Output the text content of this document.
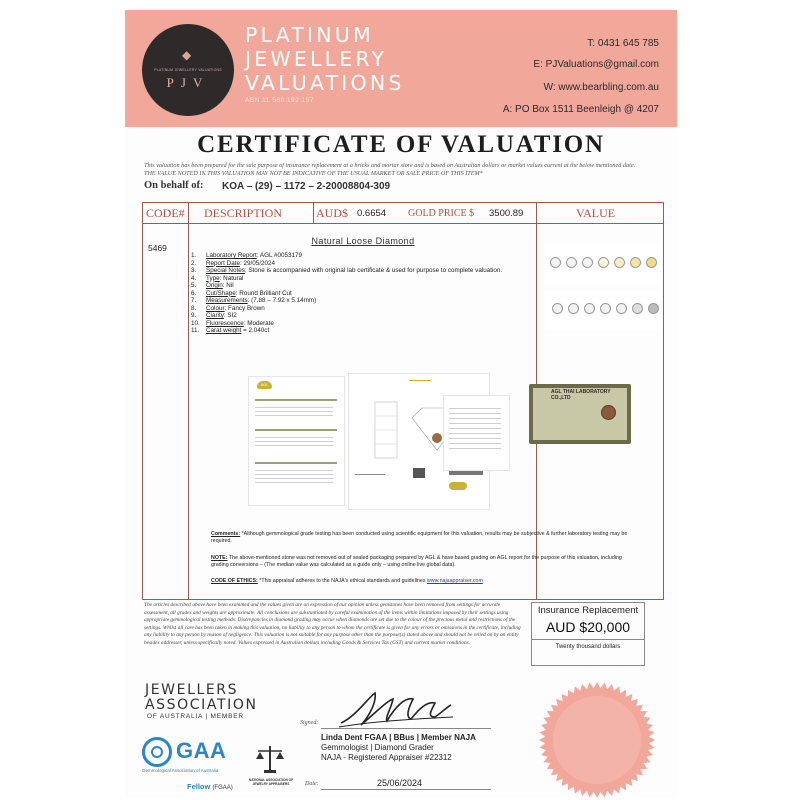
◆
PLATINUM JEWELLERY VALUATIONS
PJV
PLATINUM
JEWELLERY
VALUATIONS
ABN 11 588 192 157
T: 0431 645 785
E: PJValuations@gmail.com
W: www.bearbling.com.au
A: PO Box 1511 Beenleigh @ 4207
CERTIFICATE OF VALUATION
This valuation has been prepared for the sale purpose of insurance replacement at a bricks and mortar store and is based on Australian dollars or market values current at the below mentioned date.
THE VALUE NOTED IN THIS VALUATION MAY NOT BE INDICATIVE OF THE USUAL MARKET OR SALE PRICE OF THIS ITEM*
On behalf of: KOA – (29) – 1172 – 2-20008804-309
CODE# DESCRIPTION	AUD$ 0.6654 GOLD PRICE $ 3500.89	VALUE
5469
Natural Loose Diamond
1. Laboratory Report: AGL #0053179
2. Report Date: 29/05/2024
3. Special Notes: Stone is accompanied with original lab certificate & used for purpose to complete valuation.
4. Type: Natural
5. Origin: Nil
6. Cut/Shape: Round Brilliant Cut
7. Measurements: (7.88 – 7.92 x 5.14mm)
8. Colour: Fancy Brown
9. Clarity: SI2
10. Fluorescence: Moderate
11. Carat weight = 2.040ct
AGL
Comments: *Although gemmological grade testing has been conducted using scientific equipment for this valuation, results may be subjective & further laboratory testing may be required.
NOTE: The above-mentioned stone was not removed out of sealed packaging prepared by AGL & have based grading on AGL report for the purpose of this valuation, including grading conversions – (The median value was calculated as a guide only – using online live global data).
CODE OF ETHICS: *This appraisal adheres to the NAJA's ethical standards and guidelines www.najaappraiser.com
AGL THAI LABORATORY CO.,LTD
The articles described above have been examined and the values given are an expression of our opinion unless gemstones have been removed from settings for accurate assessment, all grades and weights are approximate. All conclusions are substantiated by careful examination of the items within limitations imposed by their settings using appropriate gemmological testing methods. Discrepancies in diamond grading may occur when diamonds are set due to the colour of the precious metal and restrictions of the settings. Whilst all care has been taken in making this valuation, no liability to any person to whom the certificate is given for any errors or omissions in the certificate, including any liability to any person by reason of negligence. This valuation is not suitable for any purpose other than the purpose(s) stated above and should not be relied on by an entity besides addresser, unless specifically noted. Values expressed in Australian dollars including Goods & Services Tax (GST) and current market conditions.
Insurance Replacement
AUD $20,000
Twenty thousand dollars
JEWELLERS
ASSOCIATION
OF AUSTRALIA | MEMBER
GAA
Gemmological Association of Australia
Fellow (FGAA)
NATIONAL ASSOCIATION OF JEWELRY APPRAISERS
Signed:
Linda Dent FGAA | BBus | Member NAJA
Gemmologist | Diamond Grader
NAJA - Registered Appraiser #22312
Date:	25/06/2024
